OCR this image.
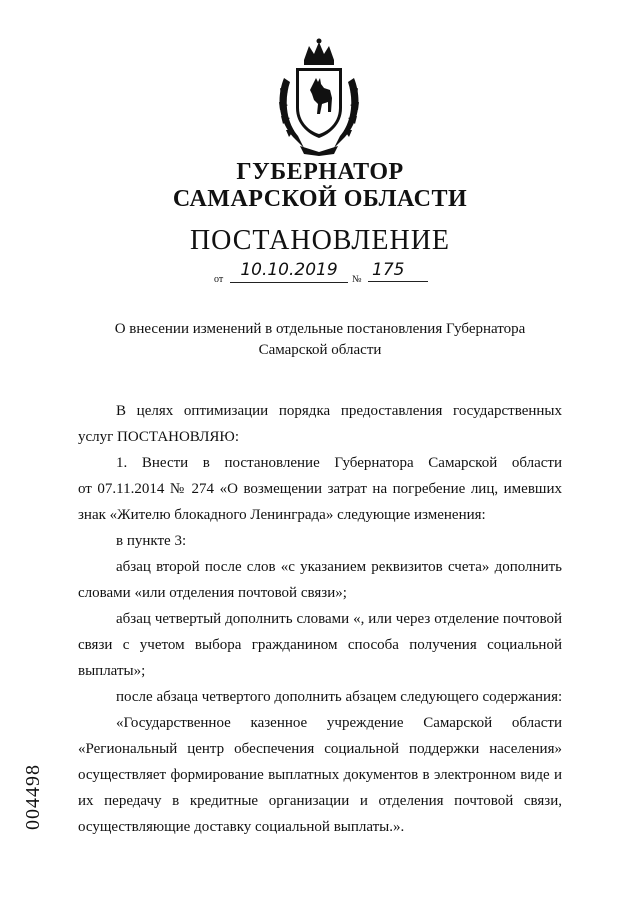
ГУБЕРНАТОР
САМАРСКОЙ ОБЛАСТИ
ПОСТАНОВЛЕНИЕ
от	10.10.2019	№ 175
О внесении изменений в отдельные постановления Губернатора
Самарской области
В целях оптимизации порядка предоставления государственных
услуг ПОСТАНОВЛЯЮ:
1. Внести в постановление Губернатора Самарской области
от 07.11.2014 № 274 «О возмещении затрат на погребение лиц, имевших
знак «Жителю блокадного Ленинграда» следующие изменения:
в пункте 3:
абзац второй после слов «с указанием реквизитов счета» дополнить
словами «или отделения почтовой связи»;
абзац четвертый дополнить словами «, или через отделение почтовой
связи с учетом выбора гражданином способа получения социальной
выплаты»;
после абзаца четвертого дополнить абзацем следующего содержания:
«Государственное казенное учреждение Самарской области
«Региональный центр обеспечения социальной поддержки населения»
осуществляет формирование выплатных документов в электронном виде и
их передачу в кредитные организации и отделения почтовой связи,
осуществляющие доставку социальной выплаты.».
004498
